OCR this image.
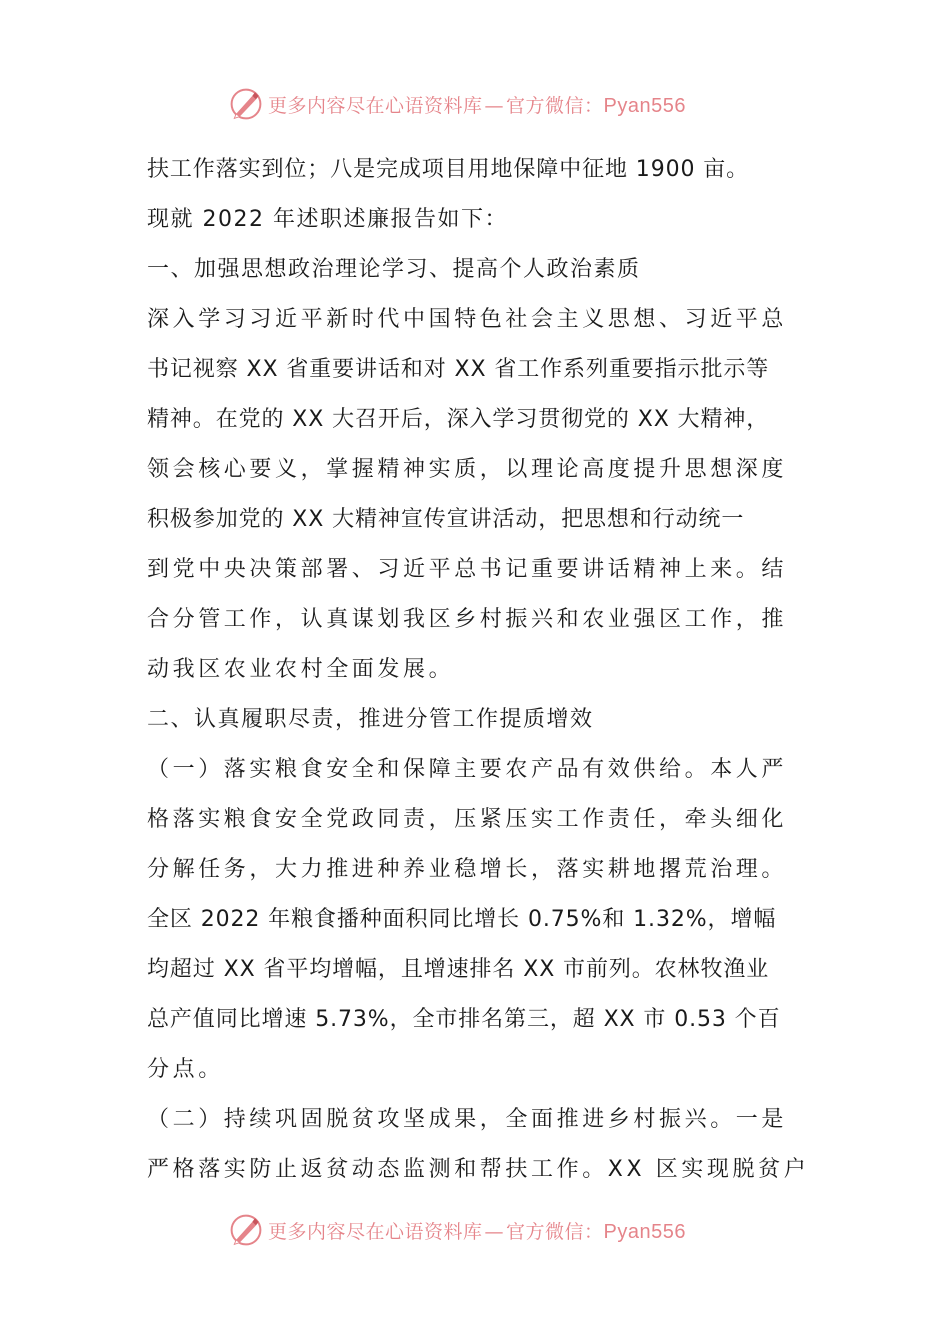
更多内容尽在心语资料库 — 官方微信：Pyan556
扶工作落实到位；八是完成项目用地保障中征地 1900 亩。
现就 2022 年述职述廉报告如下：
一、加强思想政治理论学习、提高个人政治素质
深入学习习近平新时代中国特色社会主义思想、习近平总
书记视察 XX 省重要讲话和对 XX 省工作系列重要指示批示等
精神。在党的 XX 大召开后，深入学习贯彻党的 XX 大精神，
领会核心要义，掌握精神实质，以理论高度提升思想深度
积极参加党的 XX 大精神宣传宣讲活动，把思想和行动统一
到党中央决策部署、习近平总书记重要讲话精神上来。结
合分管工作，认真谋划我区乡村振兴和农业强区工作，推
动我区农业农村全面发展。
二、认真履职尽责，推进分管工作提质增效
（一）落实粮食安全和保障主要农产品有效供给。本人严
格落实粮食安全党政同责，压紧压实工作责任，牵头细化
分解任务，大力推进种养业稳增长，落实耕地撂荒治理。
全区 2022 年粮食播种面积同比增长 0.75%和 1.32%，增幅
均超过 XX 省平均增幅，且增速排名 XX 市前列。农林牧渔业
总产值同比增速 5.73%，全市排名第三，超 XX 市 0.53 个百
分点。
（二）持续巩固脱贫攻坚成果，全面推进乡村振兴。一是
严格落实防止返贫动态监测和帮扶工作。XX 区实现脱贫户
更多内容尽在心语资料库 — 官方微信：Pyan556
